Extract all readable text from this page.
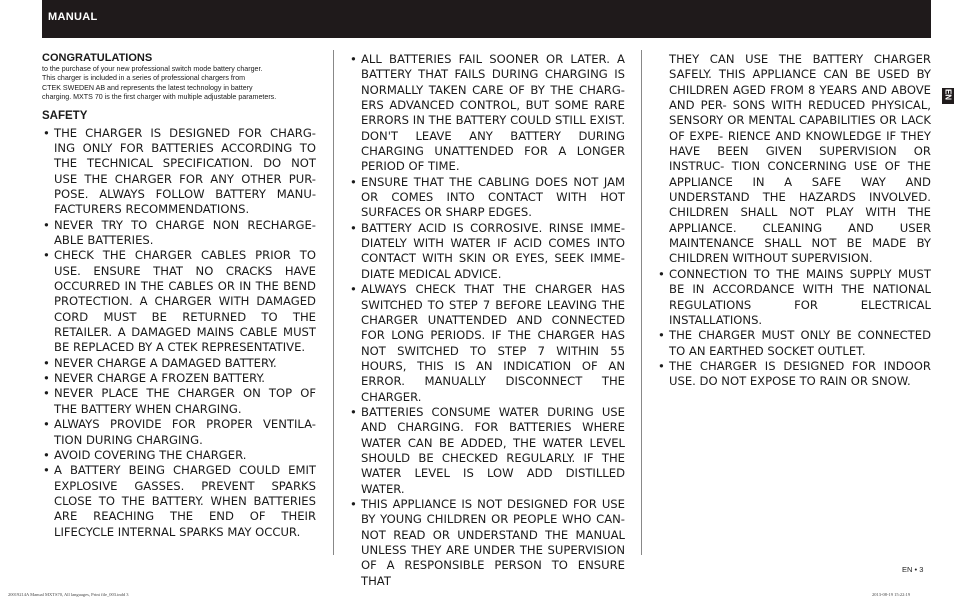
MANUAL
EN
CONGRATULATIONS
to the purchase of your new professional switch mode battery charger.
This charger is included in a series of professional chargers from
CTEK SWEDEN AB and represents the latest technology in battery
charging. MXTS 70 is the first charger with multiple adjustable parameters.
SAFETY
• THE CHARGER IS DESIGNED FOR CHARG- ING ONLY FOR BATTERIES ACCORDING TO THE TECHNICAL SPECIFICATION. DO NOT USE THE CHARGER FOR ANY OTHER PUR- POSE. ALWAYS FOLLOW BATTERY MANU- FACTURERS RECOMMENDATIONS.
• NEVER TRY TO CHARGE NON RECHARGE- ABLE BATTERIES.
• CHECK THE CHARGER CABLES PRIOR TO USE. ENSURE THAT NO CRACKS HAVE OCCURRED IN THE CABLES OR IN THE BEND PROTECTION. A CHARGER WITH DAMAGED CORD MUST BE RETURNED TO THE RETAILER. A DAMAGED MAINS CABLE MUST BE REPLACED BY A CTEK REPRESENTATIVE.
• NEVER CHARGE A DAMAGED BATTERY.
• NEVER CHARGE A FROZEN BATTERY.
• NEVER PLACE THE CHARGER ON TOP OF THE BATTERY WHEN CHARGING.
• ALWAYS PROVIDE FOR PROPER VENTILA- TION DURING CHARGING.
• AVOID COVERING THE CHARGER.
• A BATTERY BEING CHARGED COULD EMIT EXPLOSIVE GASSES. PREVENT SPARKS CLOSE TO THE BATTERY. WHEN BATTERIES ARE REACHING THE END OF THEIR LIFECYCLE INTERNAL SPARKS MAY OCCUR.
• ALL BATTERIES FAIL SOONER OR LATER. A BATTERY THAT FAILS DURING CHARGING IS NORMALLY TAKEN CARE OF BY THE CHARG- ERS ADVANCED CONTROL, BUT SOME RARE ERRORS IN THE BATTERY COULD STILL EXIST. DON'T LEAVE ANY BATTERY DURING CHARGING UNATTENDED FOR A LONGER PERIOD OF TIME.
• ENSURE THAT THE CABLING DOES NOT JAM OR COMES INTO CONTACT WITH HOT SURFACES OR SHARP EDGES.
• BATTERY ACID IS CORROSIVE. RINSE IMME- DIATELY WITH WATER IF ACID COMES INTO CONTACT WITH SKIN OR EYES, SEEK IMME- DIATE MEDICAL ADVICE.
• ALWAYS CHECK THAT THE CHARGER HAS SWITCHED TO STEP 7 BEFORE LEAVING THE CHARGER UNATTENDED AND CONNECTED FOR LONG PERIODS. IF THE CHARGER HAS NOT SWITCHED TO STEP 7 WITHIN 55 HOURS, THIS IS AN INDICATION OF AN ERROR. MANUALLY DISCONNECT THE CHARGER.
• BATTERIES CONSUME WATER DURING USE AND CHARGING. FOR BATTERIES WHERE WATER CAN BE ADDED, THE WATER LEVEL SHOULD BE CHECKED REGULARLY. IF THE WATER LEVEL IS LOW ADD DISTILLED WATER.
• THIS APPLIANCE IS NOT DESIGNED FOR USE BY YOUNG CHILDREN OR PEOPLE WHO CAN- NOT READ OR UNDERSTAND THE MANUAL UNLESS THEY ARE UNDER THE SUPERVISION OF A RESPONSIBLE PERSON TO ENSURE THAT

THEY CAN USE THE BATTERY CHARGER SAFELY. THIS APPLIANCE CAN BE USED BY CHILDREN AGED FROM 8 YEARS AND ABOVE AND PER- SONS WITH REDUCED PHYSICAL, SENSORY OR MENTAL CAPABILITIES OR LACK OF EXPE- RIENCE AND KNOWLEDGE IF THEY HAVE BEEN GIVEN SUPERVISION OR INSTRUC- TION CONCERNING USE OF THE APPLIANCE IN A SAFE WAY AND UNDERSTAND THE HAZARDS INVOLVED. CHILDREN SHALL NOT PLAY WITH THE APPLIANCE. CLEANING AND USER MAINTENANCE SHALL NOT BE MADE BY CHILDREN WITHOUT SUPERVISION.

• CONNECTION TO THE MAINS SUPPLY MUST BE IN ACCORDANCE WITH THE NATIONAL REGULATIONS FOR ELECTRICAL INSTALLATIONS.
• THE CHARGER MUST ONLY BE CONNECTED TO AN EARTHED SOCKET OUTLET.
• THE CHARGER IS DESIGNED FOR INDOOR USE. DO NOT EXPOSE TO RAIN OR SNOW.
EN • 3
20019214A Manual MXTS70, All languages, Print file_003.indd 3	2013-08-19 15:22:19
